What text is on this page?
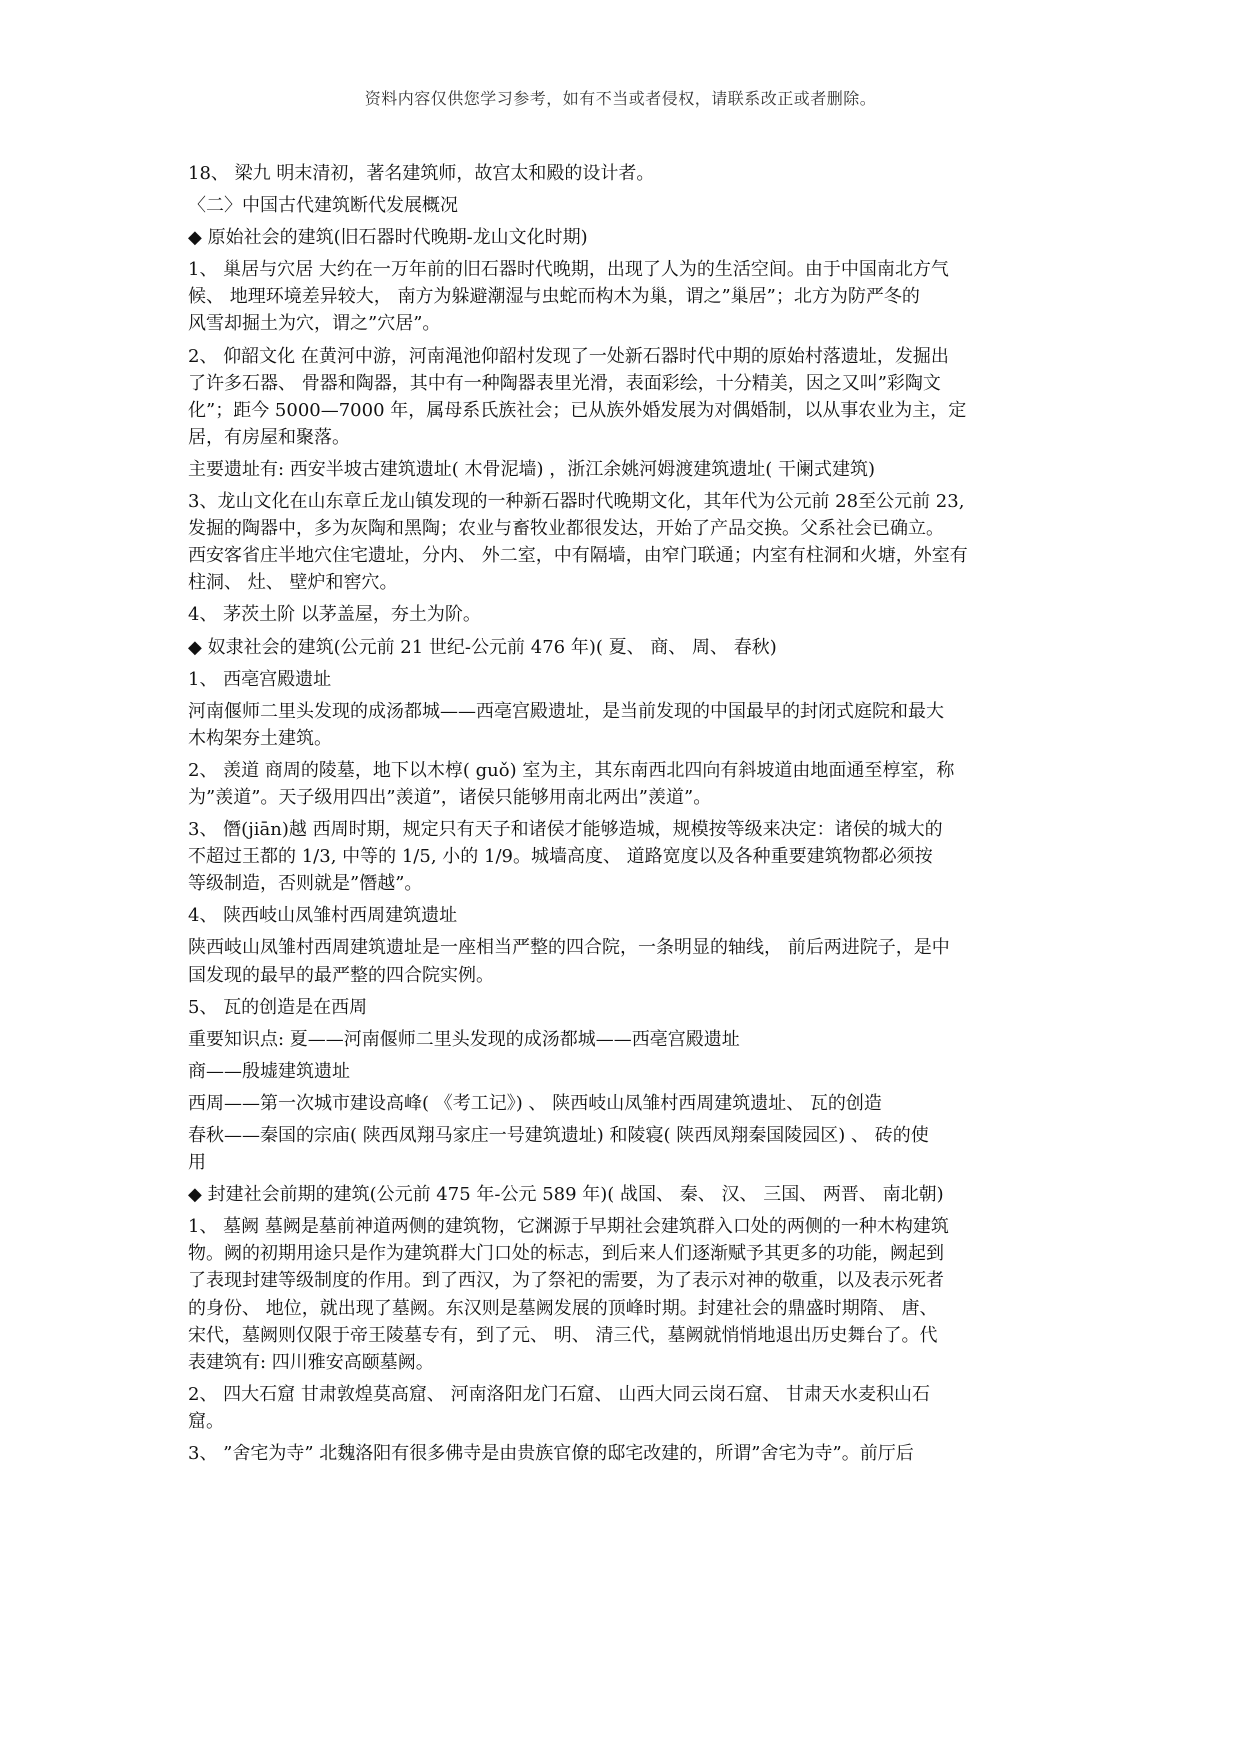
资料内容仅供您学习参考，如有不当或者侵权，请联系改正或者删除。
18、 梁九 明末清初，著名建筑师，故宫太和殿的设计者。
〈二〉中国古代建筑断代发展概况
◆ 原始社会的建筑(旧石器时代晚期-龙山文化时期)
1、 巢居与穴居 大约在一万年前的旧石器时代晚期，出现了人为的生活空间。由于中国南北方气
候、 地理环境差异较大， 南方为躲避潮湿与虫蛇而构木为巢，谓之”巢居”；北方为防严冬的
风雪却掘土为穴，谓之”穴居”。
2、 仰韶文化 在黄河中游，河南渑池仰韶村发现了一处新石器时代中期的原始村落遗址，发掘出
了许多石器、 骨器和陶器，其中有一种陶器表里光滑，表面彩绘，十分精美，因之又叫”彩陶文
化”；距今 5000—7000 年，属母系氏族社会；已从族外婚发展为对偶婚制，以从事农业为主，定
居，有房屋和聚落。
主要遗址有: 西安半坡古建筑遗址( 木骨泥墙) ，浙江余姚河姆渡建筑遗址( 干阑式建筑)
3、龙山文化在山东章丘龙山镇发现的一种新石器时代晚期文化，其年代为公元前 28至公元前 23,
发掘的陶器中，多为灰陶和黑陶；农业与畜牧业都很发达，开始了产品交换。父系社会已确立。
西安客省庄半地穴住宅遗址，分内、 外二室，中有隔墙，由窄门联通；内室有柱洞和火塘，外室有
柱洞、 灶、 壁炉和窖穴。
4、 茅茨土阶 以茅盖屋，夯土为阶。
◆ 奴隶社会的建筑(公元前 21 世纪-公元前 476 年)( 夏、 商、 周、 春秋)
1、 西亳宫殿遗址
河南偃师二里头发现的成汤都城——西亳宫殿遗址，是当前发现的中国最早的封闭式庭院和最大
木构架夯土建筑。
2、 羡道 商周的陵墓，地下以木椁( guǒ) 室为主，其东南西北四向有斜坡道由地面通至椁室，称
为”羡道”。天子级用四出”羡道”，诸侯只能够用南北两出”羡道”。
3、 僭(jiān)越 西周时期，规定只有天子和诸侯才能够造城，规模按等级来决定：诸侯的城大的
不超过王都的 1/3, 中等的 1/5, 小的 1/9。城墙高度、 道路宽度以及各种重要建筑物都必须按
等级制造，否则就是”僭越”。
4、 陕西岐山凤雏村西周建筑遗址
陕西岐山凤雏村西周建筑遗址是一座相当严整的四合院，一条明显的轴线， 前后两进院子，是中
国发现的最早的最严整的四合院实例。
5、 瓦的创造是在西周
重要知识点: 夏——河南偃师二里头发现的成汤都城——西亳宫殿遗址
商——殷墟建筑遗址
西周——第一次城市建设高峰( 《考工记》) 、 陕西岐山凤雏村西周建筑遗址、 瓦的创造
春秋——秦国的宗庙( 陕西凤翔马家庄一号建筑遗址) 和陵寝( 陕西凤翔秦国陵园区) 、 砖的使
用
◆ 封建社会前期的建筑(公元前 475 年-公元 589 年)( 战国、 秦、 汉、 三国、 两晋、 南北朝)
1、 墓阙 墓阙是墓前神道两侧的建筑物，它渊源于早期社会建筑群入口处的两侧的一种木构建筑
物。阙的初期用途只是作为建筑群大门口处的标志，到后来人们逐渐赋予其更多的功能，阙起到
了表现封建等级制度的作用。到了西汉，为了祭祀的需要，为了表示对神的敬重，以及表示死者
的身份、 地位，就出现了墓阙。东汉则是墓阙发展的顶峰时期。封建社会的鼎盛时期隋、 唐、
宋代，墓阙则仅限于帝王陵墓专有，到了元、 明、 清三代，墓阙就悄悄地退出历史舞台了。代
表建筑有: 四川雅安高颐墓阙。
2、 四大石窟 甘肃敦煌莫高窟、 河南洛阳龙门石窟、 山西大同云岗石窟、 甘肃天水麦积山石
窟。
3、 ”舍宅为寺” 北魏洛阳有很多佛寺是由贵族官僚的邸宅改建的，所谓”舍宅为寺”。前厅后
